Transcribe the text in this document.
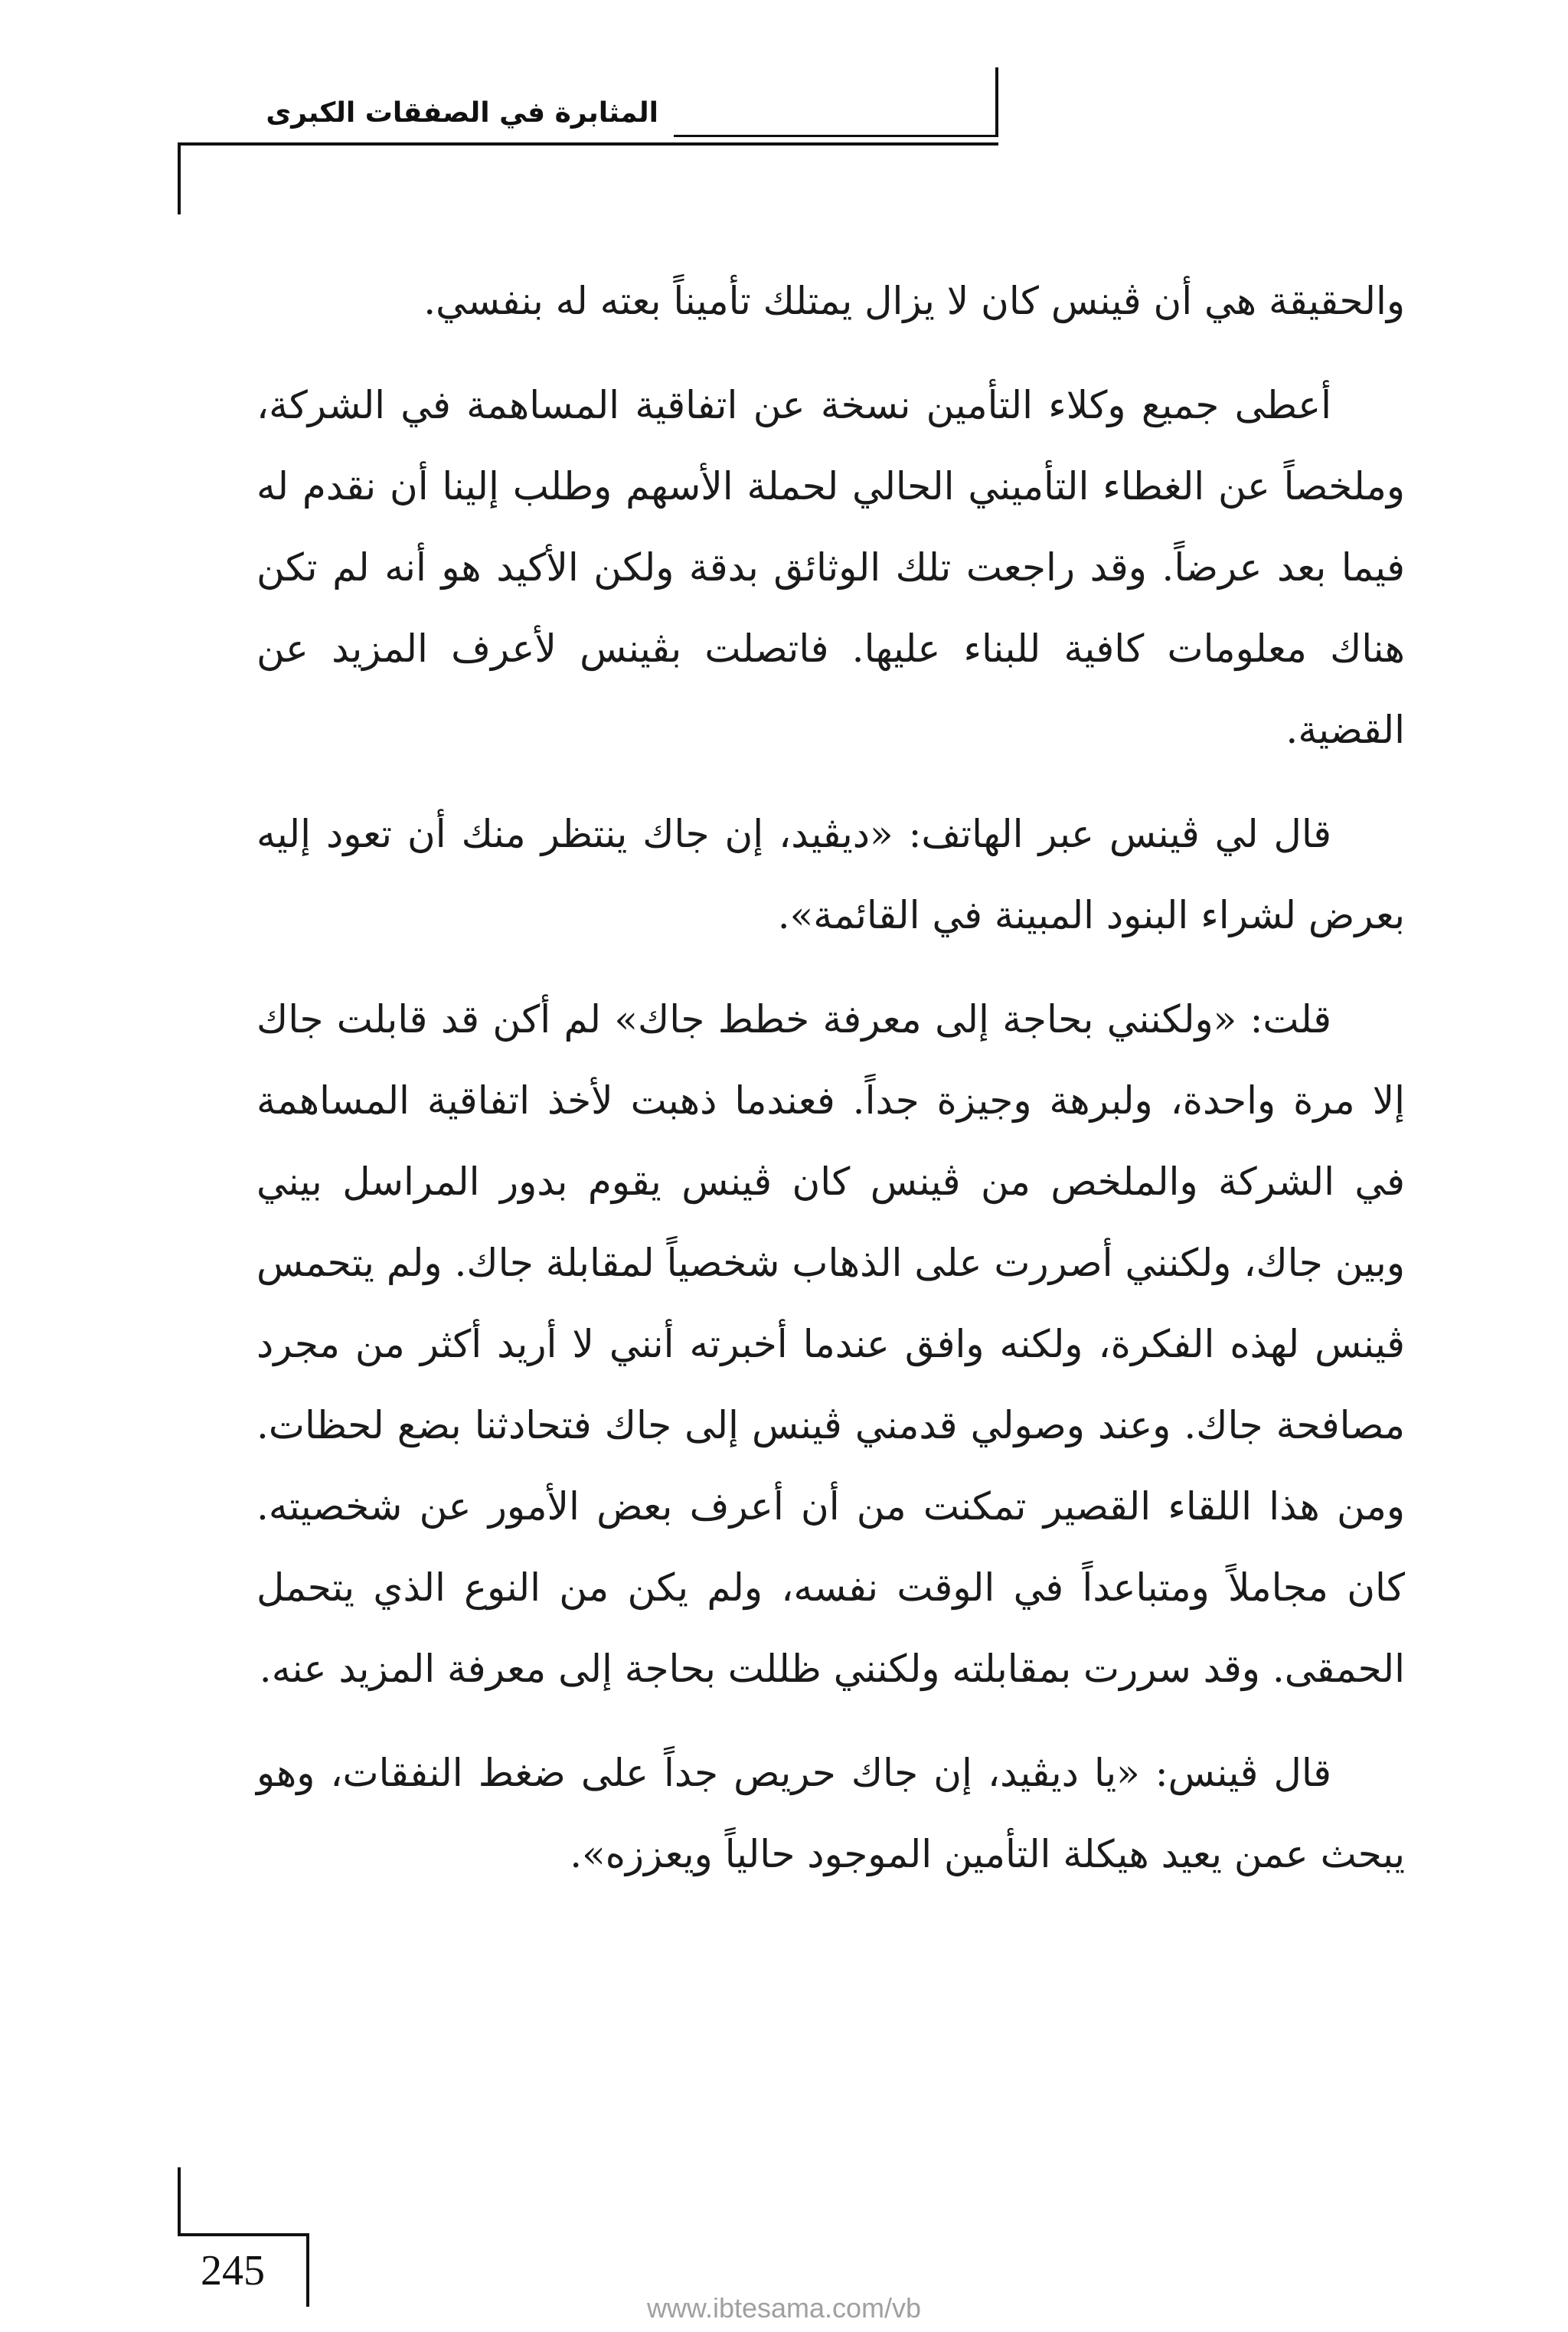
المثابرة في الصفقات الكبرى

والحقيقة هي أن ڤينس كان لا يزال يمتلك تأميناً بعته له بنفسي.

أعطى جميع وكلاء التأمين نسخة عن اتفاقية المساهمة في الشركة، وملخصاً عن الغطاء التأميني الحالي لحملة الأسهم وطلب إلينا أن نقدم له فيما بعد عرضاً. وقد راجعت تلك الوثائق بدقة ولكن الأكيد هو أنه لم تكن هناك معلومات كافية للبناء عليها. فاتصلت بڤينس لأعرف المزيد عن القضية.

قال لي ڤينس عبر الهاتف: «ديڤيد، إن جاك ينتظر منك أن تعود إليه بعرض لشراء البنود المبينة في القائمة».

قلت: «ولكنني بحاجة إلى معرفة خطط جاك» لم أكن قد قابلت جاك إلا مرة واحدة، ولبرهة وجيزة جداً. فعندما ذهبت لأخذ اتفاقية المساهمة في الشركة والملخص من ڤينس كان ڤينس يقوم بدور المراسل بيني وبين جاك، ولكنني أصررت على الذهاب شخصياً لمقابلة جاك. ولم يتحمس ڤينس لهذه الفكرة، ولكنه وافق عندما أخبرته أنني لا أريد أكثر من مجرد مصافحة جاك. وعند وصولي قدمني ڤينس إلى جاك فتحادثنا بضع لحظات. ومن هذا اللقاء القصير تمكنت من أن أعرف بعض الأمور عن شخصيته. كان مجاملاً ومتباعداً في الوقت نفسه، ولم يكن من النوع الذي يتحمل الحمقى. وقد سررت بمقابلته ولكنني ظللت بحاجة إلى معرفة المزيد عنه.

قال ڤينس: «يا ديڤيد، إن جاك حريص جداً على ضغط النفقات، وهو يبحث عمن يعيد هيكلة التأمين الموجود حالياً ويعززه».

245
www.ibtesama.com/vb
